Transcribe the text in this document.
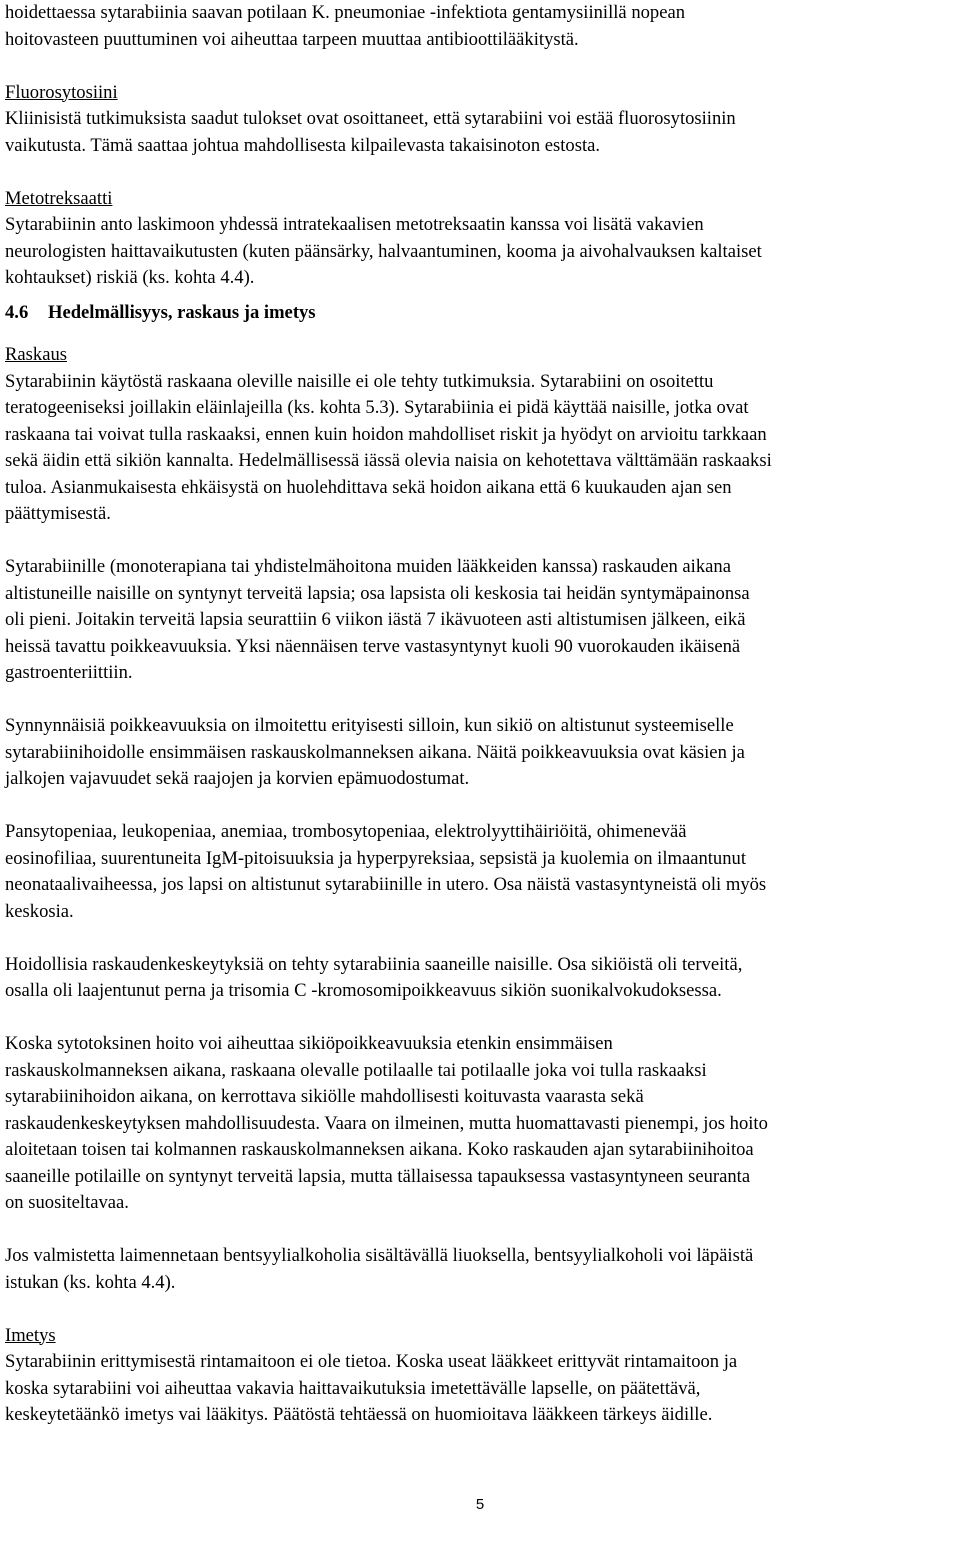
hoidettaessa sytarabiinia saavan potilaan K. pneumoniae -infektiota gentamysiinillä nopean
hoitovasteen puuttuminen voi aiheuttaa tarpeen muuttaa antibioottilääkitystä.

Fluorosytosiini

Kliinisistä tutkimuksista saadut tulokset ovat osoittaneet, että sytarabiini voi estää fluorosytosiinin
vaikutusta. Tämä saattaa johtua mahdollisesta kilpailevasta takaisinoton estosta.

Metotreksaatti

Sytarabiinin anto laskimoon yhdessä intratekaalisen metotreksaatin kanssa voi lisätä vakavien
neurologisten haittavaikutusten (kuten päänsärky, halvaantuminen, kooma ja aivohalvauksen kaltaiset
kohtaukset) riskiä (ks. kohta 4.4).

4.6 Hedelmällisyys, raskaus ja imetys
Raskaus

Sytarabiinin käytöstä raskaana oleville naisille ei ole tehty tutkimuksia. Sytarabiini on osoitettu
teratogeeniseksi joillakin eläinlajeilla (ks. kohta 5.3). Sytarabiinia ei pidä käyttää naisille, jotka ovat
raskaana tai voivat tulla raskaaksi, ennen kuin hoidon mahdolliset riskit ja hyödyt on arvioitu tarkkaan
sekä äidin että sikiön kannalta. Hedelmällisessä iässä olevia naisia on kehotettava välttämään raskaaksi
tuloa. Asianmukaisesta ehkäisystä on huolehdittava sekä hoidon aikana että 6 kuukauden ajan sen
päättymisestä.

Sytarabiinille (monoterapiana tai yhdistelmähoitona muiden lääkkeiden kanssa) raskauden aikana
altistuneille naisille on syntynyt terveitä lapsia; osa lapsista oli keskosia tai heidän syntymäpainonsa
oli pieni. Joitakin terveitä lapsia seurattiin 6 viikon iästä 7 ikävuoteen asti altistumisen jälkeen, eikä
heissä tavattu poikkeavuuksia. Yksi näennäisen terve vastasyntynyt kuoli 90 vuorokauden ikäisenä
gastroenteriittiin.

Synnynnäisiä poikkeavuuksia on ilmoitettu erityisesti silloin, kun sikiö on altistunut systeemiselle
sytarabiinihoidolle ensimmäisen raskauskolmanneksen aikana. Näitä poikkeavuuksia ovat käsien ja
jalkojen vajavuudet sekä raajojen ja korvien epämuodostumat.

Pansytopeniaa, leukopeniaa, anemiaa, trombosytopeniaa, elektrolyyttihäiriöitä, ohimenevää
eosinofiliaa, suurentuneita IgM-pitoisuuksia ja hyperpyreksiaa, sepsistä ja kuolemia on ilmaantunut
neonataalivaiheessa, jos lapsi on altistunut sytarabiinille in utero. Osa näistä vastasyntyneistä oli myös
keskosia.

Hoidollisia raskaudenkeskeytyksiä on tehty sytarabiinia saaneille naisille. Osa sikiöistä oli terveitä,
osalla oli laajentunut perna ja trisomia C -kromosomipoikkeavuus sikiön suonikalvokudoksessa.

Koska sytotoksinen hoito voi aiheuttaa sikiöpoikkeavuuksia etenkin ensimmäisen
raskauskolmanneksen aikana, raskaana olevalle potilaalle tai potilaalle joka voi tulla raskaaksi
sytarabiinihoidon aikana, on kerrottava sikiölle mahdollisesti koituvasta vaarasta sekä
raskaudenkeskeytyksen mahdollisuudesta. Vaara on ilmeinen, mutta huomattavasti pienempi, jos hoito
aloitetaan toisen tai kolmannen raskauskolmanneksen aikana. Koko raskauden ajan sytarabiinihoitoa
saaneille potilaille on syntynyt terveitä lapsia, mutta tällaisessa tapauksessa vastasyntyneen seuranta
on suositeltavaa.

Jos valmistetta laimennetaan bentsyylialkoholia sisältävällä liuoksella, bentsyylialkoholi voi läpäistä
istukan (ks. kohta 4.4).

Imetys

Sytarabiinin erittymisestä rintamaitoon ei ole tietoa. Koska useat lääkkeet erittyvät rintamaitoon ja
koska sytarabiini voi aiheuttaa vakavia haittavaikutuksia imetettävälle lapselle, on päätettävä,
keskeytetäänkö imetys vai lääkitys. Päätöstä tehtäessä on huomioitava lääkkeen tärkeys äidille.

5
